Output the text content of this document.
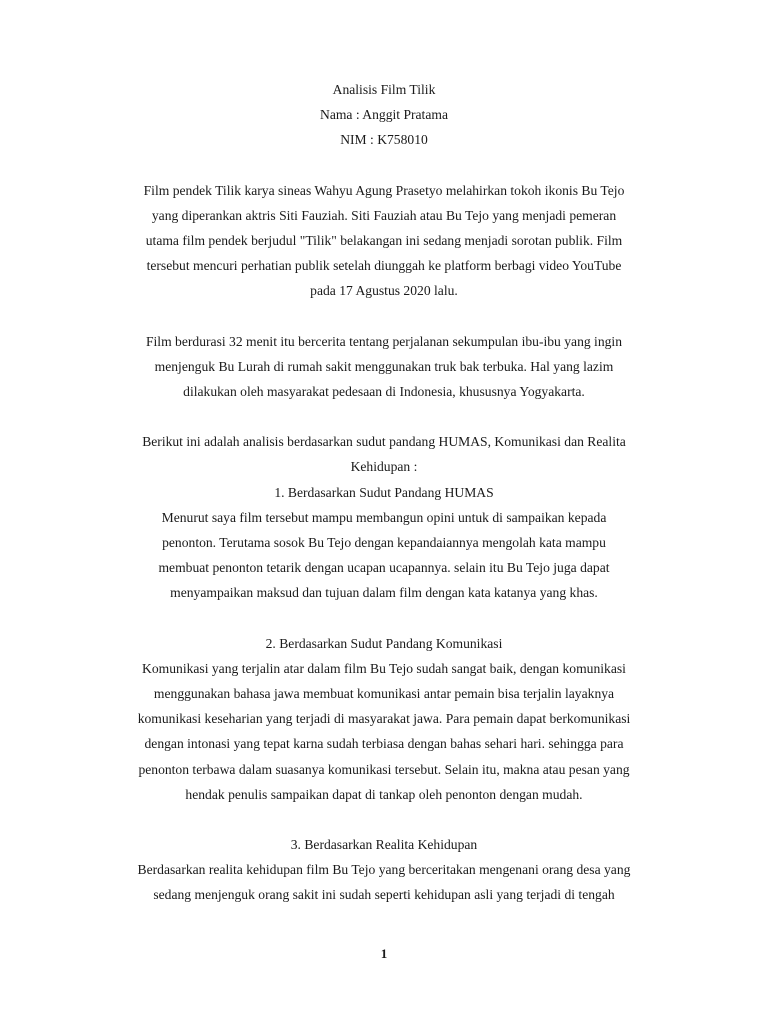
Analisis Film Tilik

Nama : Anggit Pratama

NIM : K758010

Film pendek Tilik karya sineas Wahyu Agung Prasetyo melahirkan tokoh ikonis Bu Tejo

yang diperankan aktris Siti Fauziah. Siti Fauziah atau Bu Tejo yang menjadi pemeran

utama film pendek berjudul "Tilik" belakangan ini sedang menjadi sorotan publik. Film

tersebut mencuri perhatian publik setelah diunggah ke platform berbagi video YouTube

pada 17 Agustus 2020 lalu.

Film berdurasi 32 menit itu bercerita tentang perjalanan sekumpulan ibu-ibu yang ingin

menjenguk Bu Lurah di rumah sakit menggunakan truk bak terbuka. Hal yang lazim

dilakukan oleh masyarakat pedesaan di Indonesia, khususnya Yogyakarta.

Berikut ini adalah analisis berdasarkan sudut pandang HUMAS, Komunikasi dan Realita

Kehidupan :

1. Berdasarkan Sudut Pandang HUMAS

Menurut saya film tersebut mampu membangun opini untuk di sampaikan kepada

penonton. Terutama sosok Bu Tejo dengan kepandaiannya mengolah kata mampu

membuat penonton tetarik dengan ucapan ucapannya. selain itu Bu Tejo juga dapat

menyampaikan maksud dan tujuan dalam film dengan kata katanya yang khas.

2. Berdasarkan Sudut Pandang Komunikasi

Komunikasi yang terjalin atar dalam film Bu Tejo sudah sangat baik, dengan komunikasi

menggunakan bahasa jawa membuat komunikasi antar pemain bisa terjalin layaknya

komunikasi keseharian yang terjadi di masyarakat jawa. Para pemain dapat berkomunikasi

dengan intonasi yang tepat karna sudah terbiasa dengan bahas sehari hari. sehingga para

penonton terbawa dalam suasanya komunikasi tersebut. Selain itu, makna atau pesan yang

hendak penulis sampaikan dapat di tankap oleh penonton dengan mudah.

3. Berdasarkan Realita Kehidupan

Berdasarkan realita kehidupan film Bu Tejo yang berceritakan mengenani orang desa yang

sedang menjenguk orang sakit ini sudah seperti kehidupan asli yang terjadi di tengah

1
